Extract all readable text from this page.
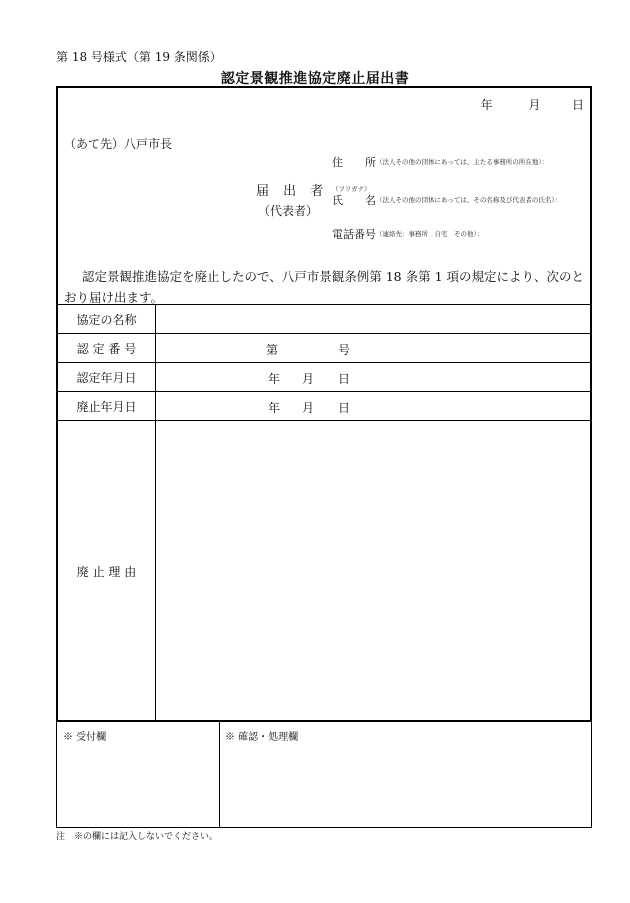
第 18 号様式（第 19 条関係）
認定景観推進協定廃止届出書
年	月	日
（あて先）八戸市長
届 出 者
（代表者）
住　　所 （法人その他の団体にあっては、主たる事務所の所在地）：
（フリガナ）
氏　　名 （法人その他の団体にあっては、その名称及び代表者の氏名）：
電話番号 （連絡先：事務所　自宅　その他）：
認定景観推進協定を廃止したので、八戸市景観条例第 18 条第 1 項の規定により、次のとおり届け出ます。
協定の名称
認 定 番 号	第	号
認定年月日	年 月 日
廃止年月日	年 月 日
廃 止 理 由
※ 受付欄	※ 確認・処理欄
注　※の欄には記入しないでください。
